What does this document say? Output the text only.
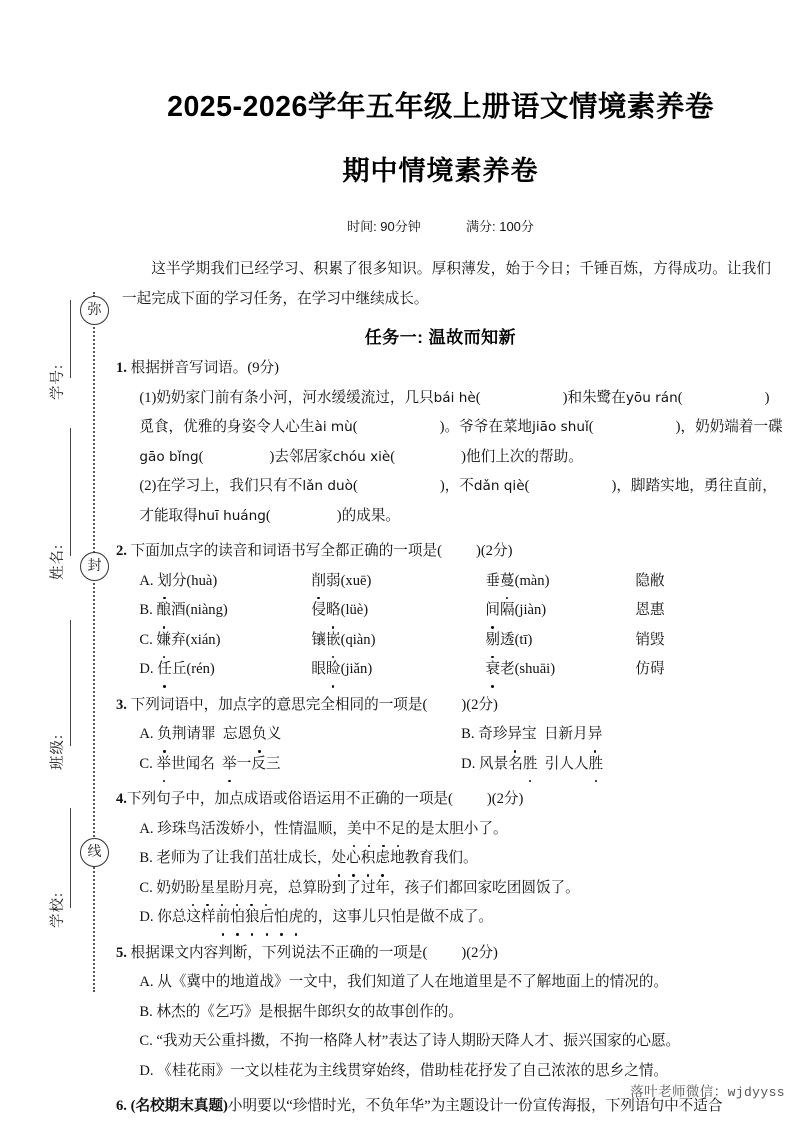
弥
封
线
学号:
姓名:
班级:
学校:
2025-2026学年五年级上册语文情境素养卷
期中情境素养卷

时间: 90分钟	满分: 100分

这半学期我们已经学习、积累了很多知识。厚积薄发，始于今日；千锤百炼，方得成功。让我们一起完成下面的学习任务，在学习中继续成长。

任务一: 温故而知新

1. 根据拼音写词语。(9分)
(1)奶奶家门前有条小河，河水缓缓流过，几只bái hè(	)和朱鹭在yōu rán(	)觅食，优雅的身姿令人心生ài mù(	)。爷爷在菜地jiāo shuǐ(	)，奶奶端着一碟gāo bǐng(	)去邻居家chóu xiè(	)他们上次的帮助。
(2)在学习上，我们只有不lǎn duò(	)，不dǎn qiè(	)，脚踏实地，勇往直前，才能取得huī huáng(	)的成果。
2. 下面加点字的读音和词语书写全都正确的一项是( )(2分)
A. 划分(huà)	削弱(xuē)	垂蔓(màn)	隐敝
B. 酿酒(niàng)	侵略(lüè)	间隔(jiàn)	恩惠
C. 嫌弃(xián)	镶嵌(qiàn)	剔透(tī)	销毁
D. 任丘(rén)	眼睑(jiǎn)	衰老(shuāi)	仿碍
3. 下列词语中，加点字的意思完全相同的一项是( )(2分)
A. 负荆请罪 忘恩负义	B. 奇珍异宝 日新月异
C. 举世闻名 举一反三	D. 风景名胜 引人人胜
4.下列句子中，加点成语或俗语运用不正确的一项是( )(2分)
A. 珍珠鸟活泼娇小，性情温顺，美中不足的是太胆小了。
B. 老师为了让我们茁壮成长，处心积虑地教育我们。
C. 奶奶盼星星盼月亮，总算盼到了过年，孩子们都回家吃团圆饭了。
D. 你总这样前怕狼后怕虎的，这事儿只怕是做不成了。
5. 根据课文内容判断，下列说法不正确的一项是( )(2分)
A. 从《冀中的地道战》一文中，我们知道了人在地道里是不了解地面上的情况的。
B. 林杰的《乞巧》是根据牛郎织女的故事创作的。
C. “我劝天公重抖擞，不拘一格降人材”表达了诗人期盼天降人才、振兴国家的心愿。
D. 《桂花雨》一文以桂花为主线贯穿始终，借助桂花抒发了自己浓浓的思乡之情。
6. (名校期末真题)小明要以“珍惜时光，不负年华”为主题设计一份宣传海报，下列语句中不适合
落叶老师微信：wjdyyss
